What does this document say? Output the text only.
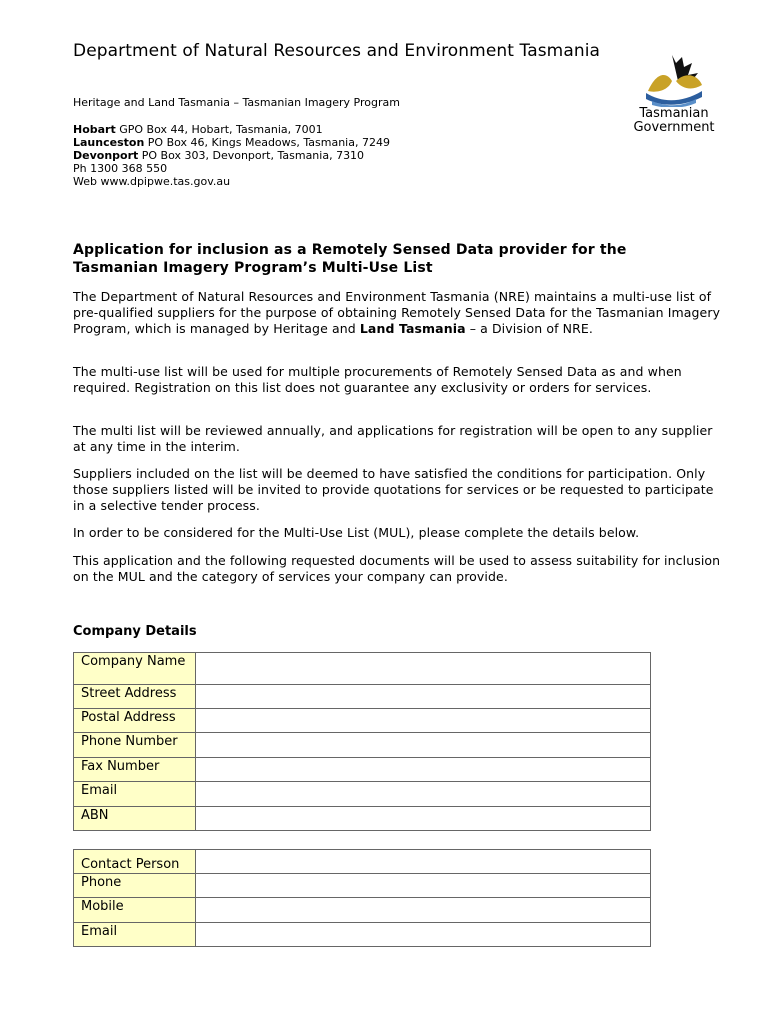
Department of Natural Resources and Environment Tasmania
Tasmanian
Government
Heritage and Land Tasmania – Tasmanian Imagery Program
Hobart GPO Box 44, Hobart, Tasmania, 7001
Launceston PO Box 46, Kings Meadows, Tasmania, 7249
Devonport PO Box 303, Devonport, Tasmania, 7310
Ph 1300 368 550
Web www.dpipwe.tas.gov.au
Application for inclusion as a Remotely Sensed Data provider for the Tasmanian Imagery Program’s Multi-Use List
The Department of Natural Resources and Environment Tasmania (NRE) maintains a multi-use list of pre-qualified suppliers for the purpose of obtaining Remotely Sensed Data for the Tasmanian Imagery Program, which is managed by Heritage and Land Tasmania – a Division of NRE.
The multi-use list will be used for multiple procurements of Remotely Sensed Data as and when required. Registration on this list does not guarantee any exclusivity or orders for services.
The multi list will be reviewed annually, and applications for registration will be open to any supplier at any time in the interim.
Suppliers included on the list will be deemed to have satisfied the conditions for participation. Only those suppliers listed will be invited to provide quotations for services or be requested to participate in a selective tender process.
In order to be considered for the Multi-Use List (MUL), please complete the details below.
This application and the following requested documents will be used to assess suitability for inclusion on the MUL and the category of services your company can provide.
Company Details
Company Name	
Street Address	
Postal Address	
Phone Number	
Fax Number	
Email	
ABN	
Contact Person	
Phone	
Mobile	
Email	
